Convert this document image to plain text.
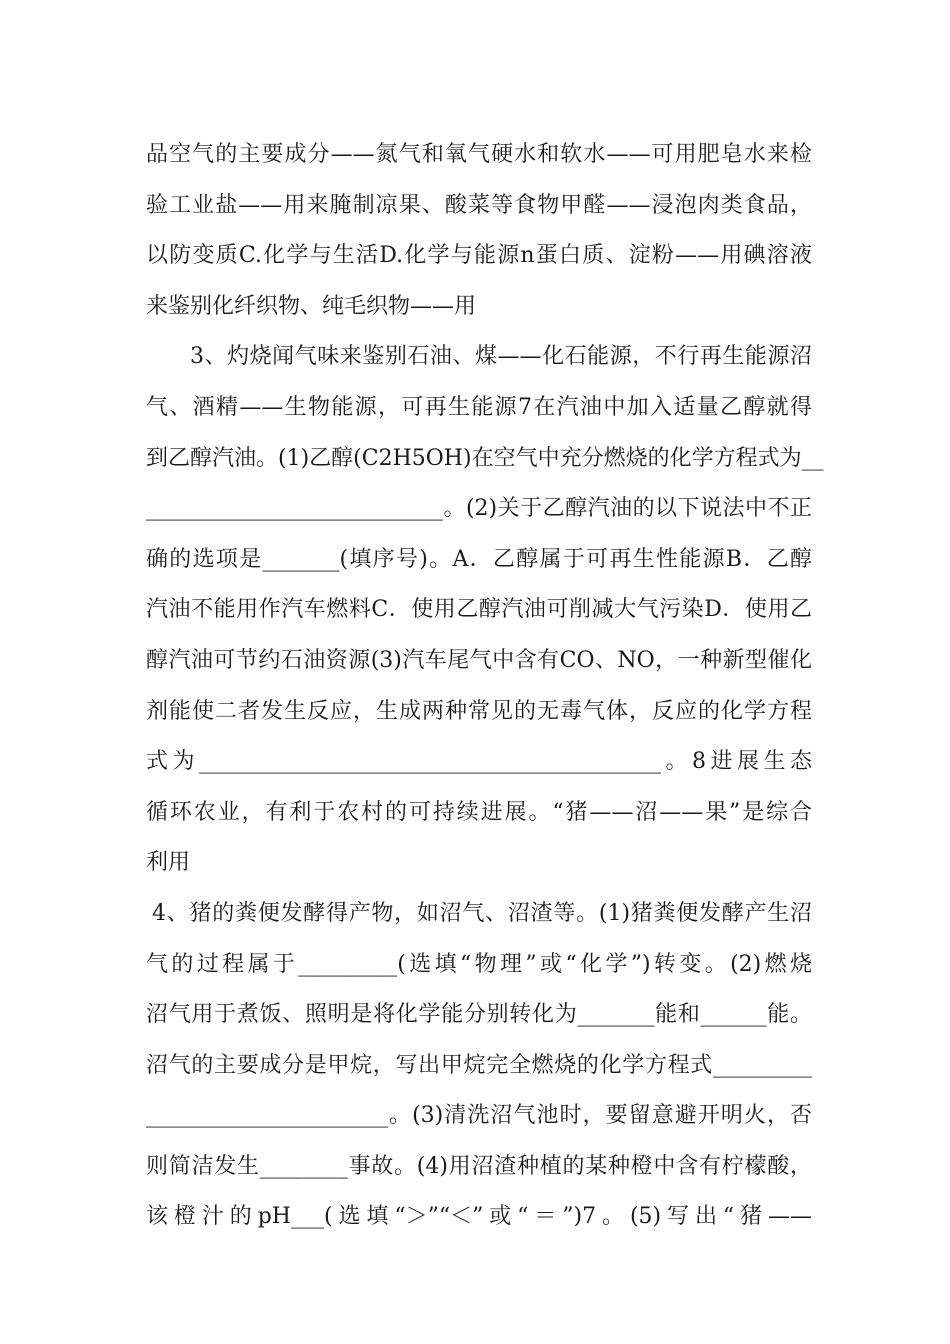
品空气的主要成分——氮气和氧气硬水和软水——可用肥皂水来检
验工业盐——用来腌制凉果、酸菜等食物甲醛——浸泡肉类食品，
以防变质C.化学与生活D.化学与能源n蛋白质、淀粉——用碘溶液
来鉴别化纤织物、纯毛织物——用
3、灼烧闻气味来鉴别石油、煤——化石能源，不行再生能源沼
气、酒精——生物能源，可再生能源7在汽油中加入适量乙醇就得
到乙醇汽油。(1)乙醇(C2H5OH)在空气中充分燃烧的化学方程式为__
___________________________。(2)关于乙醇汽油的以下说法中不正
确的选项是_______(填序号)。A．乙醇属于可再生性能源B．乙醇
汽油不能用作汽车燃料C．使用乙醇汽油可削减大气污染D．使用乙
醇汽油可节约石油资源(3)汽车尾气中含有CO、NO，一种新型催化
剂能使二者发生反应，生成两种常见的无毒气体，反应的化学方程
式为__________________________________________。8进展生态
循环农业，有利于农村的可持续进展。“猪——沼——果”是综合
利用
4、猪的粪便发酵得产物，如沼气、沼渣等。(1)猪粪便发酵产生沼
气的过程属于_________(选填“物理”或“化学”)转变。(2)燃烧
沼气用于煮饭、照明是将化学能分别转化为_______能和______能。
沼气的主要成分是甲烷，写出甲烷完全燃烧的化学方程式_________
______________________。(3)清洗沼气池时，要留意避开明火，否
则简洁发生________事故。(4)用沼渣种植的某种橙中含有柠檬酸，
该橙汁的pH___(选填“＞”“＜”或“＝”)7。(5)写出“猪——
